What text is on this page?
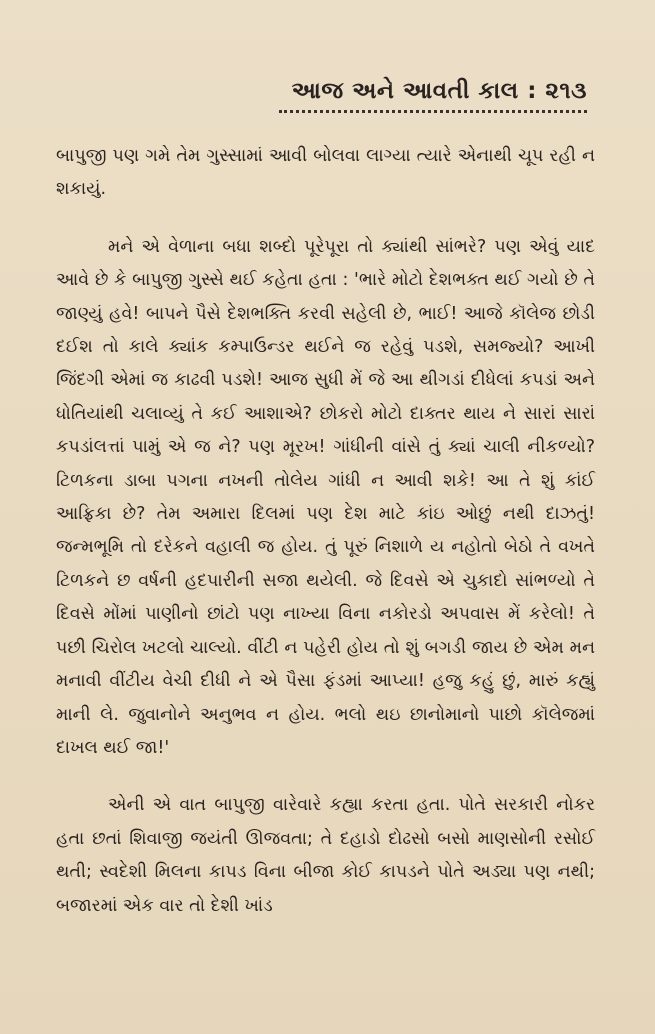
આજ અને આવતી કાલ : ૨૧૩

બાપુજી પણ ગમે તેમ ગુસ્સામાં આવી બોલવા લાગ્યા ત્યારે એનાથી ચૂપ રહી ન શકાયું.

મને એ વેળાના બધા શબ્દો પૂરેપૂરા તો ક્યાંથી સાંભરે? પણ એવું યાદ આવે છે કે બાપુજી ગુસ્સે થઈ કહેતા હતા : 'ભારે મોટો દેશભક્ત થઈ ગયો છે તે જાણ્યું હવે! બાપને પૈસે દેશભક્તિ કરવી સહેલી છે, ભાઈ! આજે કૉલેજ છોડી દઈશ તો કાલે ક્યાંક કમ્પાઉન્ડર થઈને જ રહેવું પડશે, સમજ્યો? આખી જિંદગી એમાં જ કાઢવી પડશે! આજ સુધી મેં જે આ થીગડાં દીધેલાં કપડાં અને ધોતિયાંથી ચલાવ્યું તે કઈ આશાએ? છોકરો મોટો દાક્તર થાય ને સારાં સારાં કપડાંલત્તાં પામું એ જ ને? પણ મૂરખ! ગાંધીની વાંસે તું ક્યાં ચાલી નીકળ્યો? ટિળકના ડાબા પગના નખની તોલેય ગાંધી ન આવી શકે! આ તે શું કાંઈ આફ્રિકા છે? તેમ અમારા દિલમાં પણ દેશ માટે કાંઇ ઓછું નથી દાઝતું! જન્મભૂમિ તો દરેકને વહાલી જ હોય. તું પૂરું નિશાળે ય નહોતો બેઠો તે વખતે ટિળકને છ વર્ષની હદપારીની સજા થયેલી. જે દિવસે એ ચુકાદો સાંભળ્યો તે દિવસે મોંમાં પાણીનો છાંટો પણ નાખ્યા વિના નકોરડો અપવાસ મેં કરેલો! તે પછી ચિરોલ ખટલો ચાલ્યો. વીંટી ન પહેરી હોય તો શું બગડી જાય છે એમ મન મનાવી વીંટીય વેચી દીધી ને એ પૈસા ફંડમાં આપ્યા! હજુ કહું છું, મારું કહ્યું માની લે. જુવાનોને અનુભવ ન હોય. ભલો થઇ છાનોમાનો પાછો કૉલેજમાં દાખલ થઈ જા!'

એની એ વાત બાપુજી વારેવારે કહ્યા કરતા હતા. પોતે સરકારી નોકર હતા છતાં શિવાજી જયંતી ઊજવતા; તે દહાડો દોઢસો બસો માણસોની રસોઈ થતી; સ્વદેશી મિલના કાપડ વિના બીજા કોઈ કાપડને પોતે અડ્યા પણ નથી; બજારમાં એક વાર તો દેશી ખાંડ
